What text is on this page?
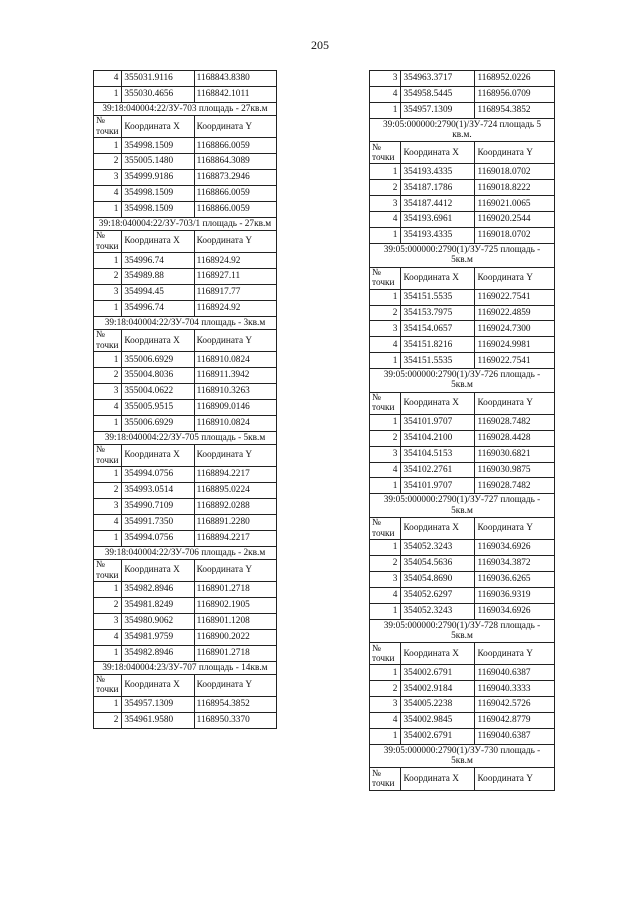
205
4	355031.9116	1168843.8380
1	355030.4656	1168842.1011
39:18:040004:22/ЗУ-703 площадь - 27кв.м		
№ точки	Координата X	Координата Y
1	354998.1509	1168866.0059
2	355005.1480	1168864.3089
3	354999.9186	1168873.2946
4	354998.1509	1168866.0059
1	354998.1509	1168866.0059
39:18:040004:22/ЗУ-703/1 площадь - 27кв.м		
№ точки	Координата X	Координата Y
1	354996.74	1168924.92
2	354989.88	1168927.11
3	354994.45	1168917.77
1	354996.74	1168924.92
39:18:040004:22/ЗУ-704 площадь - 3кв.м		
№ точки	Координата X	Координата Y
1	355006.6929	1168910.0824
2	355004.8036	1168911.3942
3	355004.0622	1168910.3263
4	355005.9515	1168909.0146
1	355006.6929	1168910.0824
39:18:040004:22/ЗУ-705 площадь - 5кв.м		
№ точки	Координата X	Координата Y
1	354994.0756	1168894.2217
2	354993.0514	1168895.0224
3	354990.7109	1168892.0288
4	354991.7350	1168891.2280
1	354994.0756	1168894.2217
39:18:040004:22/ЗУ-706 площадь - 2кв.м		
№ точки	Координата X	Координата Y
1	354982.8946	1168901.2718
2	354981.8249	1168902.1905
3	354980.9062	1168901.1208
4	354981.9759	1168900.2022
1	354982.8946	1168901.2718
39:18:040004:23/ЗУ-707 площадь - 14кв.м		
№ точки	Координата X	Координата Y
1	354957.1309	1168954.3852
2	354961.9580	1168950.3370
3	354963.3717	1168952.0226
4	354958.5445	1168956.0709
1	354957.1309	1168954.3852
39:05:000000:2790(1)/ЗУ-724 площадь 5 кв.м.		
№ точки	Координата X	Координата Y
1	354193.4335	1169018.0702
2	354187.1786	1169018.8222
3	354187.4412	1169021.0065
4	354193.6961	1169020.2544
1	354193.4335	1169018.0702
39:05:000000:2790(1)/ЗУ-725 площадь - 5кв.м		
№ точки	Координата X	Координата Y
1	354151.5535	1169022.7541
2	354153.7975	1169022.4859
3	354154.0657	1169024.7300
4	354151.8216	1169024.9981
1	354151.5535	1169022.7541
39:05:000000:2790(1)/ЗУ-726 площадь - 5кв.м		
№ точки	Координата X	Координата Y
1	354101.9707	1169028.7482
2	354104.2100	1169028.4428
3	354104.5153	1169030.6821
4	354102.2761	1169030.9875
1	354101.9707	1169028.7482
39:05:000000:2790(1)/ЗУ-727 площадь - 5кв.м		
№ точки	Координата X	Координата Y
1	354052.3243	1169034.6926
2	354054.5636	1169034.3872
3	354054.8690	1169036.6265
4	354052.6297	1169036.9319
1	354052.3243	1169034.6926
39:05:000000:2790(1)/ЗУ-728 площадь - 5кв.м		
№ точки	Координата X	Координата Y
1	354002.6791	1169040.6387
2	354002.9184	1169040.3333
3	354005.2238	1169042.5726
4	354002.9845	1169042.8779
1	354002.6791	1169040.6387
39:05:000000:2790(1)/ЗУ-730 площадь - 5кв.м		
№ точки	Координата X	Координата Y
